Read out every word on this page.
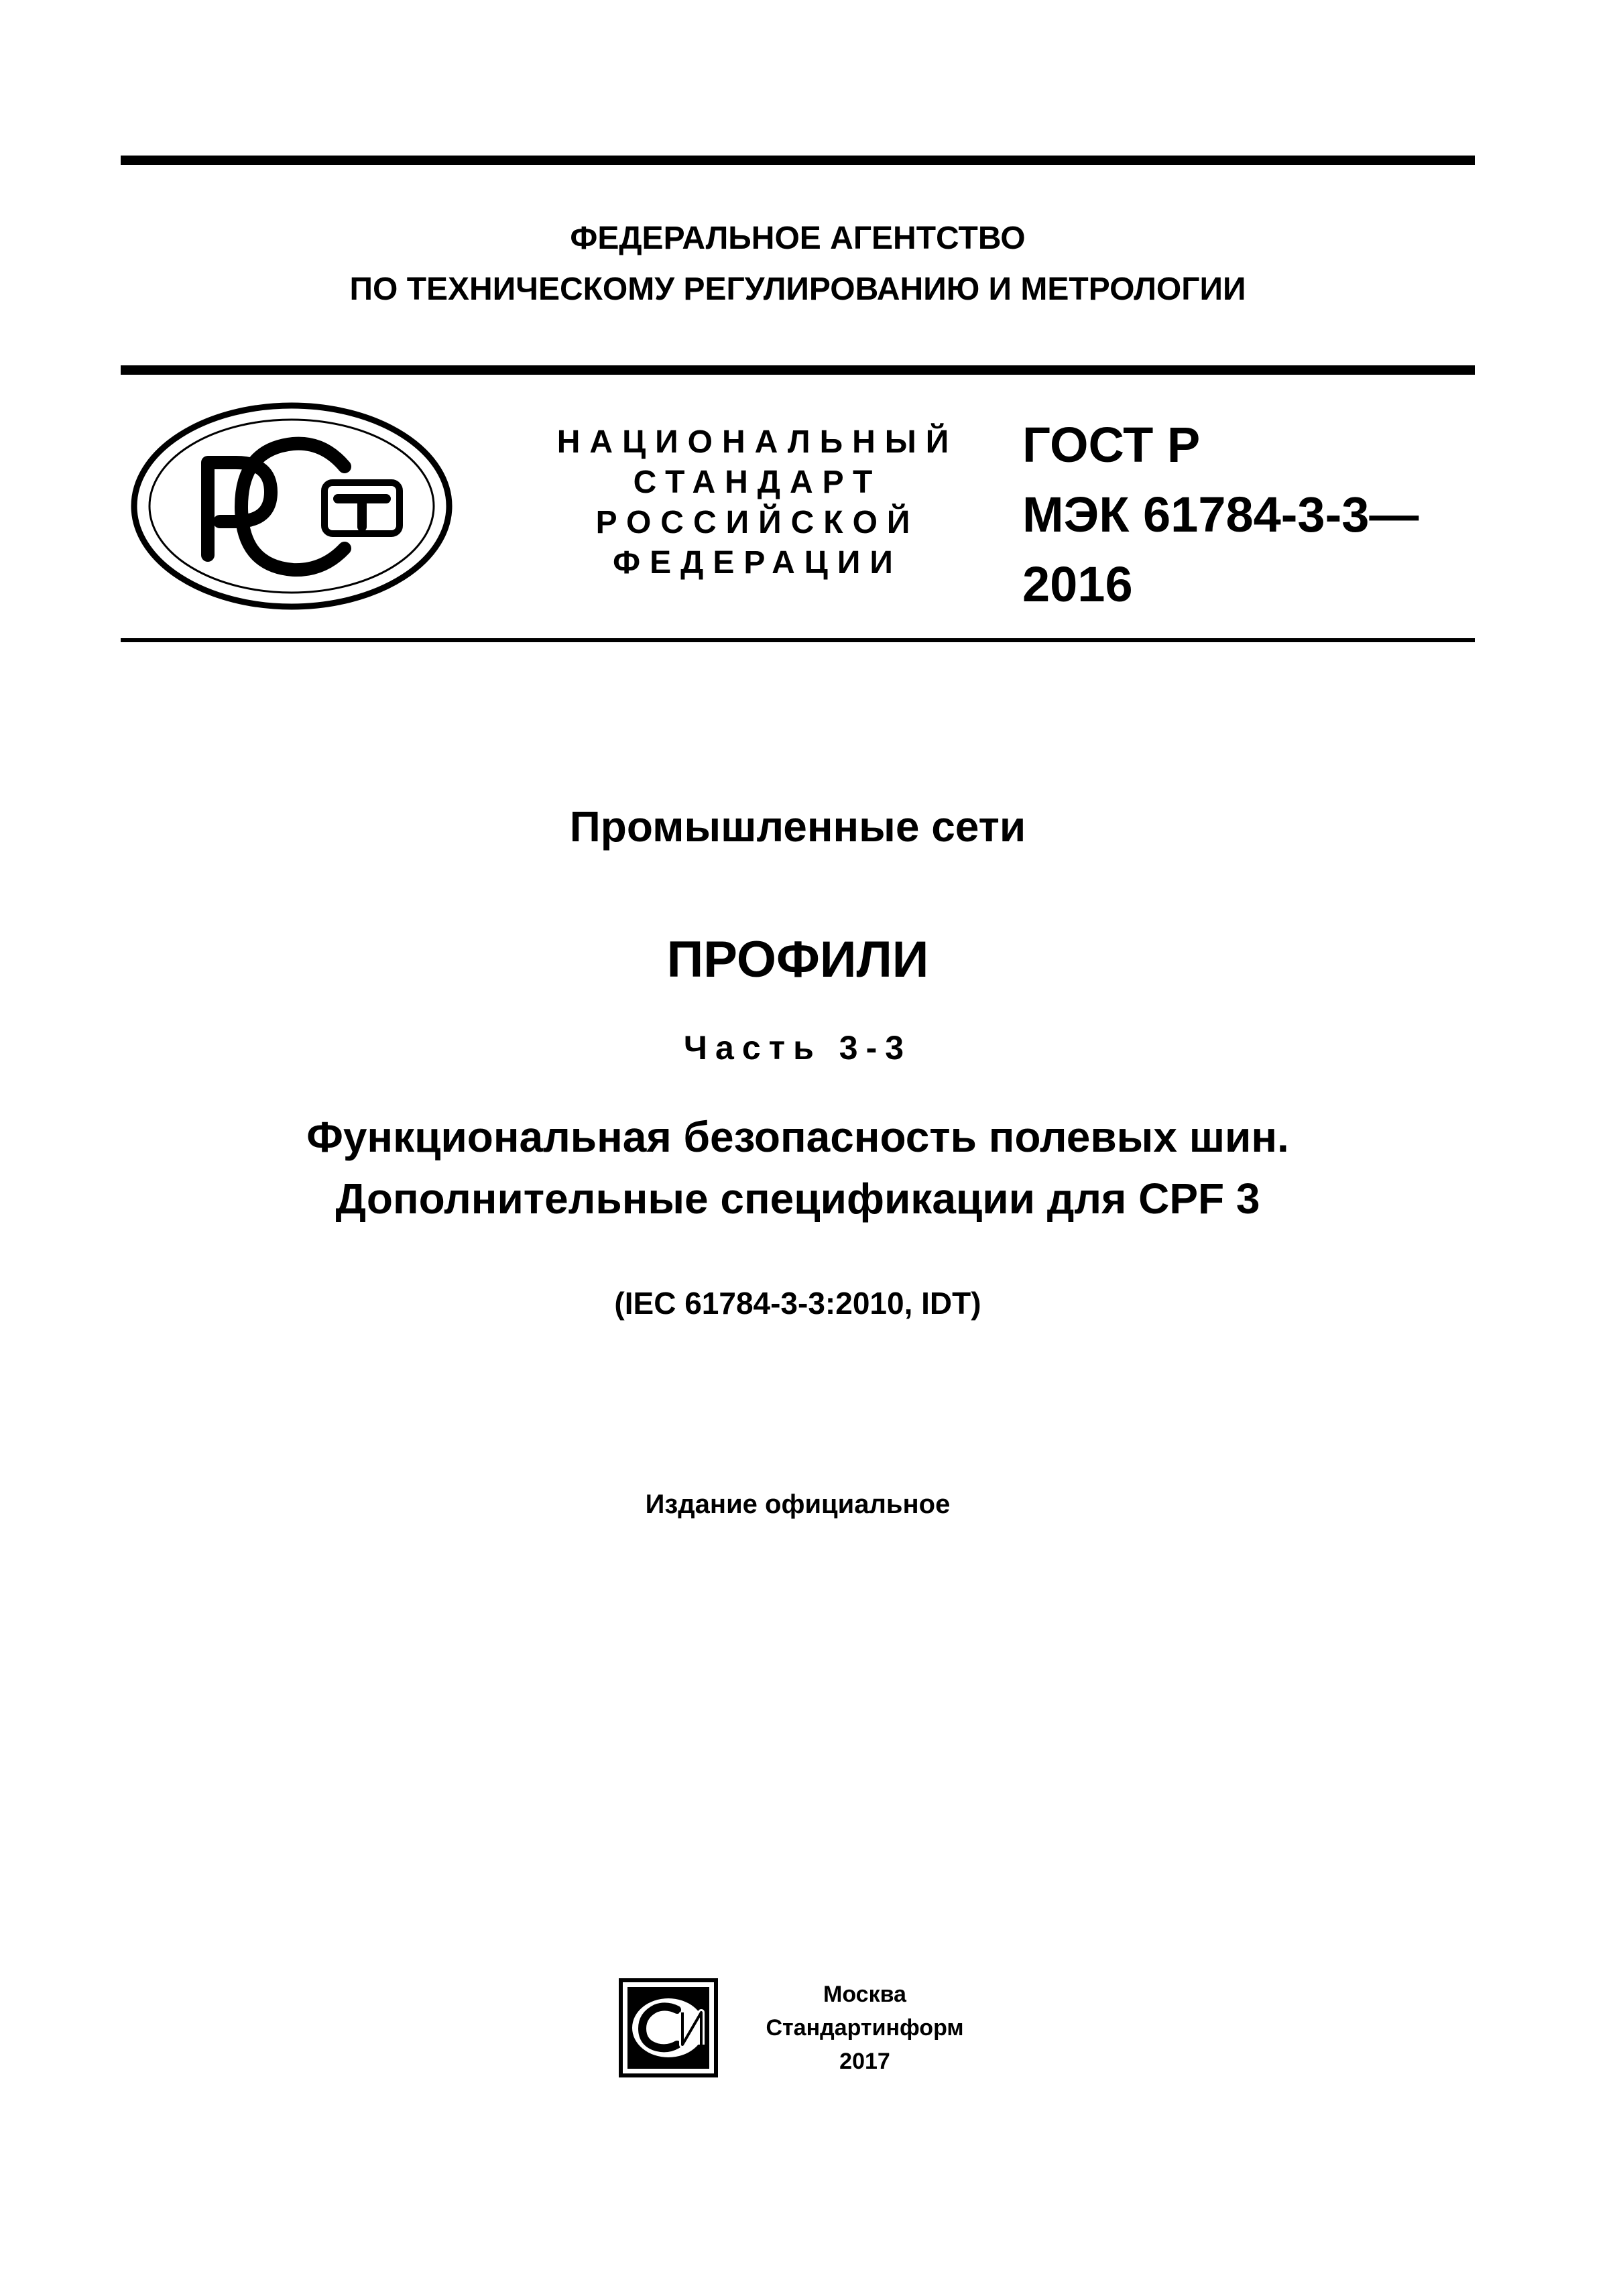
ФЕДЕРАЛЬНОЕ АГЕНТСТВО
ПО ТЕХНИЧЕСКОМУ РЕГУЛИРОВАНИЮ И МЕТРОЛОГИИ
НАЦИОНАЛЬНЫЙ
СТАНДАРТ
РОССИЙСКОЙ
ФЕДЕРАЦИИ
ГОСТ Р
МЭК 61784-3-3—
2016
Промышленные сети
ПРОФИЛИ
Часть 3-3
Функциональная безопасность полевых шин.
Дополнительные спецификации для CPF 3
(IEC 61784-3-3:2010, IDT)
Издание официальное
Москва
Стандартинформ
2017
